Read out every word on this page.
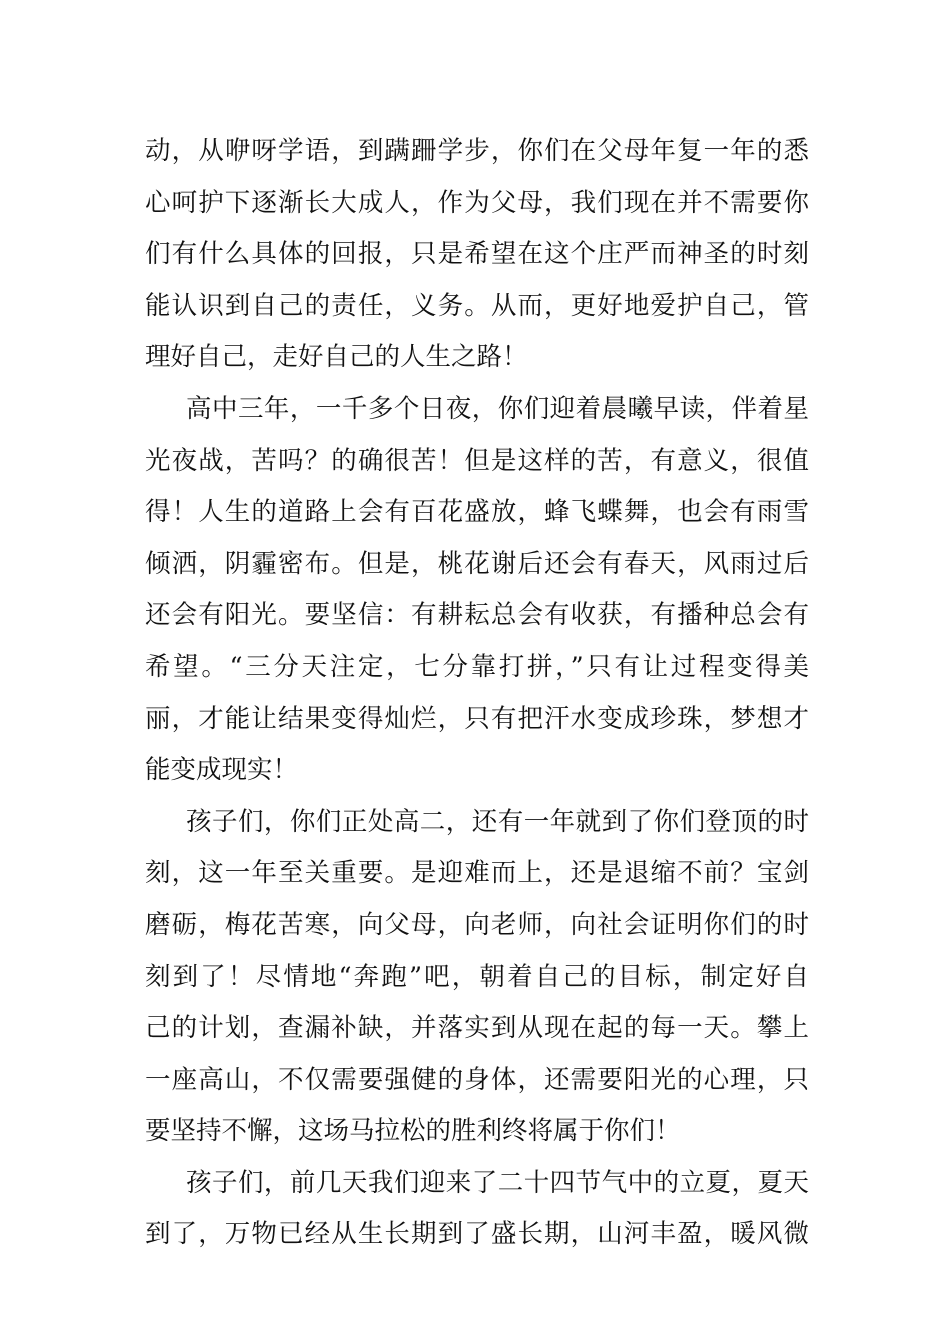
动，从咿呀学语，到蹒跚学步，你们在父母年复一年的悉
心呵护下逐渐长大成人，作为父母，我们现在并不需要你
们有什么具体的回报，只是希望在这个庄严而神圣的时刻
能认识到自己的责任，义务。从而，更好地爱护自己，管
理好自己，走好自己的人生之路！
高中三年，一千多个日夜，你们迎着晨曦早读，伴着星
光夜战，苦吗？的确很苦！但是这样的苦，有意义，很值
得！人生的道路上会有百花盛放，蜂飞蝶舞，也会有雨雪
倾洒，阴霾密布。但是，桃花谢后还会有春天，风雨过后
还会有阳光。要坚信：有耕耘总会有收获，有播种总会有
希望。“三分天注定，七分靠打拼，”只有让过程变得美
丽，才能让结果变得灿烂，只有把汗水变成珍珠，梦想才
能变成现实！
孩子们，你们正处高二，还有一年就到了你们登顶的时
刻，这一年至关重要。是迎难而上，还是退缩不前？宝剑
磨砺，梅花苦寒，向父母，向老师，向社会证明你们的时
刻到了！尽情地“奔跑”吧，朝着自己的目标，制定好自
己的计划，查漏补缺，并落实到从现在起的每一天。攀上
一座高山，不仅需要强健的身体，还需要阳光的心理，只
要坚持不懈，这场马拉松的胜利终将属于你们！
孩子们，前几天我们迎来了二十四节气中的立夏，夏天
到了，万物已经从生长期到了盛长期，山河丰盈，暖风微
